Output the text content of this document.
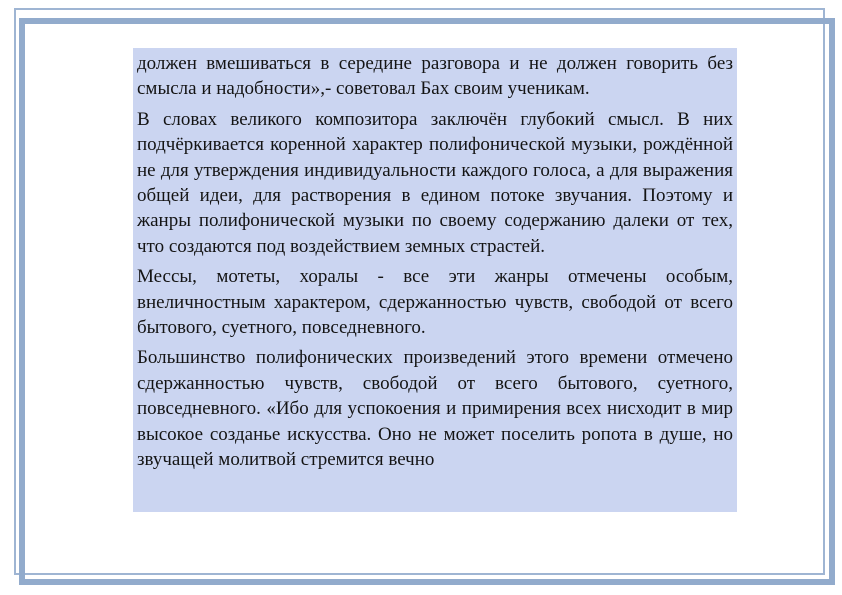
должен вмешиваться в середине разговора и не должен говорить без смысла и надобности»,- советовал Бах своим ученикам.

В словах великого композитора заключён глубокий смысл. В них подчёркивается коренной характер полифонической музыки, рождённой не для утверждения индивидуальности каждого голоса, а для выражения общей идеи, для растворения в едином потоке звучания. Поэтому и жанры полифонической музыки по своему содержанию далеки от тех, что создаются под воздействием земных страстей.

Мессы, мотеты, хоралы - все эти жанры отмечены особым, внеличностным характером, сдержанностью чувств, свободой от всего бытового, суетного, повседневного.

Большинство полифонических произведений этого времени отмечено сдержанностью чувств, свободой от всего бытового, суетного, повседневного. «Ибо для успокоения и примирения всех нисходит в мир высокое созданье искусства. Оно не может поселить ропота в душе, но звучащей молитвой стремится вечно
